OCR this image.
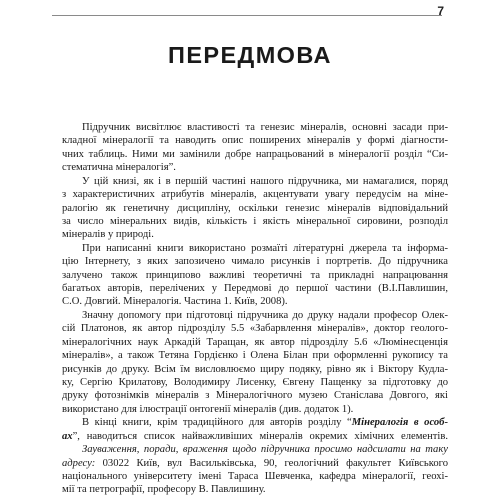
7
ПЕРЕДМОВА
Підручник висвітлює властивості та генезис мінералів, основні засади при-
кладної мінералогії та наводить опис поширених мінералів у формі діагности-
чних таблиць. Ними ми замінили добре напрацьований в мінералогії розділ “Си-
стематична мінералогія”.
У цій книзі, як і в першій частині нашого підручника, ми намагалися, поряд
з характеристичних атрибутів мінералів, акцентувати увагу передусім на міне-
ралогію як генетичну дисципліну, оскільки генезис мінералів відповідальний
за число мінеральних видів, кількість і якість мінеральної сировини, розподіл
мінералів у природі.
При написанні книги використано розмаїті літературні джерела та інформа-
цію Інтернету, з яких запозичено чимало рисунків і портретів. До підручника
залучено також принципово важливі теоретичні та прикладні напрацювання
багатьох авторів, перелічених у Передмові до першої частини (В.І.Павлишин,
С.О. Довгий. Мінералогія. Частина 1. Київ, 2008).
Значну допомогу при підготовці підручника до друку надали професор Олек-
сій Платонов, як автор підрозділу 5.5 «Забарвлення мінералів», доктор геолого-
мінералогічних наук Аркадій Таращан, як автор підрозділу 5.6 «Люмінесценція
мінералів», а також Тетяна Гордієнко і Олена Білан при оформленні рукопису та
рисунків до друку. Всім їм висловлюємо щиру подяку, рівно як і Віктору Кудла-
ку, Сергію Крилатову, Володимиру Лисенку, Євгену Пащенку за підготовку до
друку фотознімків мінералів з Мінералогічного музею Станіслава Довгого, які
використано для ілюстрації онтогенії мінералів (див. додаток 1).
В кінці книги, крім традиційного для авторів розділу “Мінералогія в особ-
ах”, наводиться список найважливіших мінералів окремих хімічних елементів.
Зауваження, поради, враження щодо підручника просимо надсилати на таку
адресу: 03022 Київ, вул Васильківська, 90, геологічний факультет Київського
національного університету імені Тараса Шевченка, кафедра мінералогії, геохі-
мії та петрографії, професору В. Павлишину.
